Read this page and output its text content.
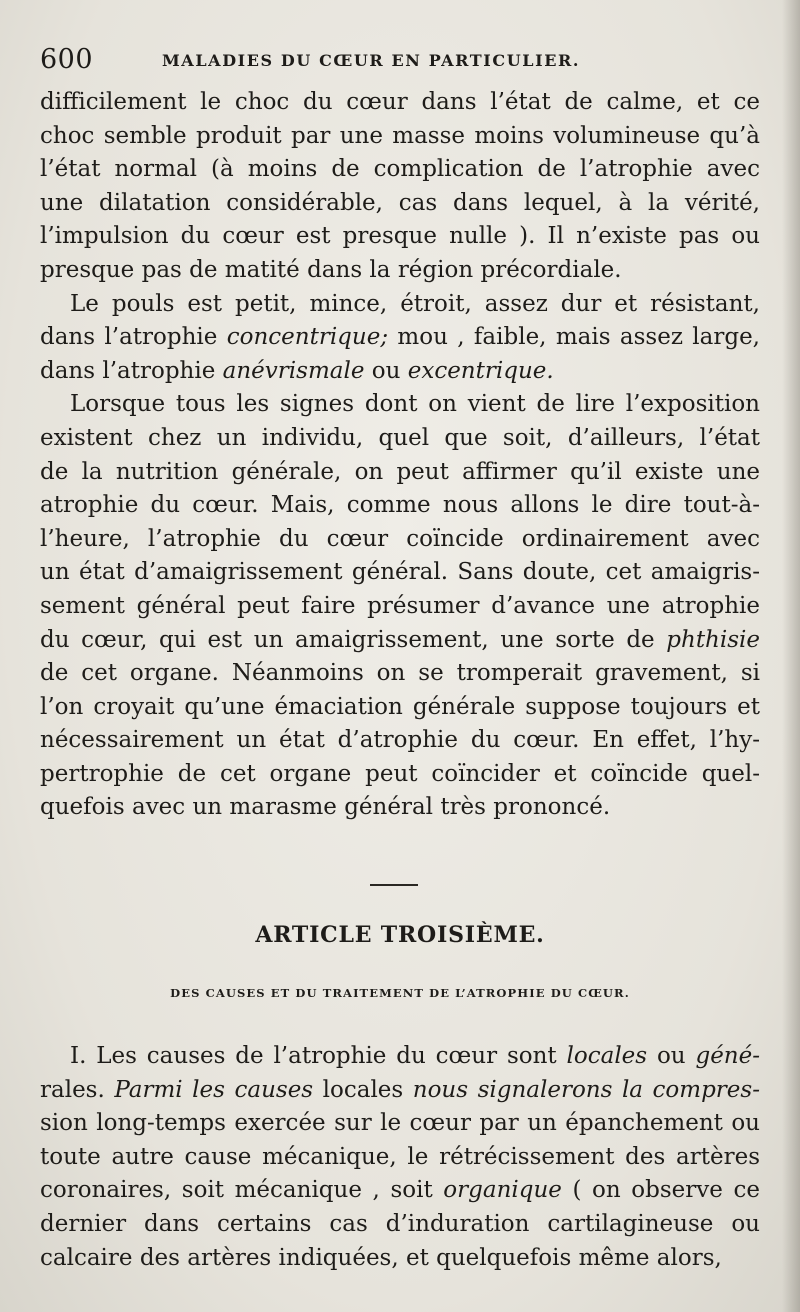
600	MALADIES DU CŒUR EN PARTICULIER.
difficilement le choc du cœur dans l’état de calme, et ce
choc semble produit par une masse moins volumineuse qu’à
l’état normal (à moins de complication de l’atrophie avec
une dilatation considérable, cas dans lequel, à la vérité,
l’impulsion du cœur est presque nulle ). Il n’existe pas ou
presque pas de matité dans la région précordiale.
Le pouls est petit, mince, étroit, assez dur et résistant,
dans l’atrophie concentrique; mou , faible, mais assez large,
dans l’atrophie anévrismale ou excentrique.
Lorsque tous les signes dont on vient de lire l’exposition
existent chez un individu, quel que soit, d’ailleurs, l’état
de la nutrition générale, on peut affirmer qu’il existe une
atrophie du cœur. Mais, comme nous allons le dire tout-à-
l’heure, l’atrophie du cœur coïncide ordinairement avec
un état d’amaigrissement général. Sans doute, cet amaigris-
sement général peut faire présumer d’avance une atrophie
du cœur, qui est un amaigrissement, une sorte de phthisie
de cet organe. Néanmoins on se tromperait gravement, si
l’on croyait qu’une émaciation générale suppose toujours et
nécessairement un état d’atrophie du cœur. En effet, l’hy-
pertrophie de cet organe peut coïncider et coïncide quel-
quefois avec un marasme général très prononcé.
ARTICLE TROISIÈME.
DES CAUSES ET DU TRAITEMENT DE L’ATROPHIE DU CŒUR.
I. Les causes de l’atrophie du cœur sont locales ou géné-
rales. Parmi les causes locales nous signalerons la compres-
sion long-temps exercée sur le cœur par un épanchement ou
toute autre cause mécanique, le rétrécissement des artères
coronaires, soit mécanique , soit organique ( on observe ce
dernier dans certains cas d’induration cartilagineuse ou
calcaire des artères indiquées, et quelquefois même alors,
